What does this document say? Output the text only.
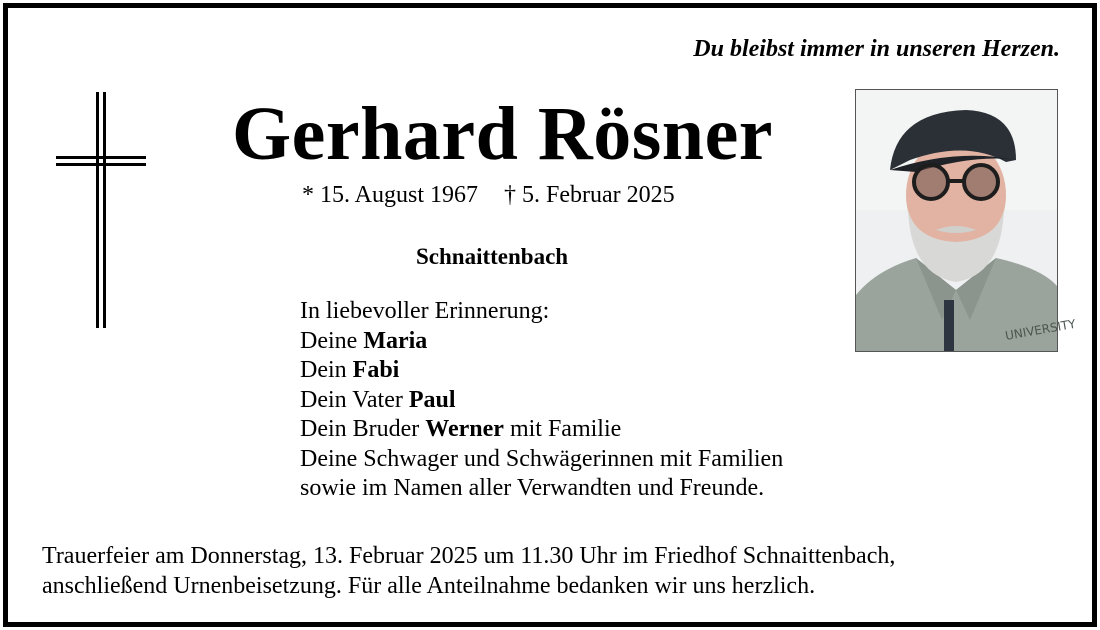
Du bleibst immer in unseren Herzen.
Gerhard Rösner
* 15. August 1967 † 5. Februar 2025
Schnaittenbach
In liebevoller Erinnerung:
Deine Maria
Dein Fabi
Dein Vater Paul
Dein Bruder Werner mit Familie
Deine Schwager und Schwägerinnen mit Familien
sowie im Namen aller Verwandten und Freunde.
Trauerfeier am Donnerstag, 13. Februar 2025 um 11.30 Uhr im Friedhof Schnaittenbach,
anschließend Urnenbeisetzung. Für alle Anteilnahme bedanken wir uns herzlich.
UNIVERSITY
